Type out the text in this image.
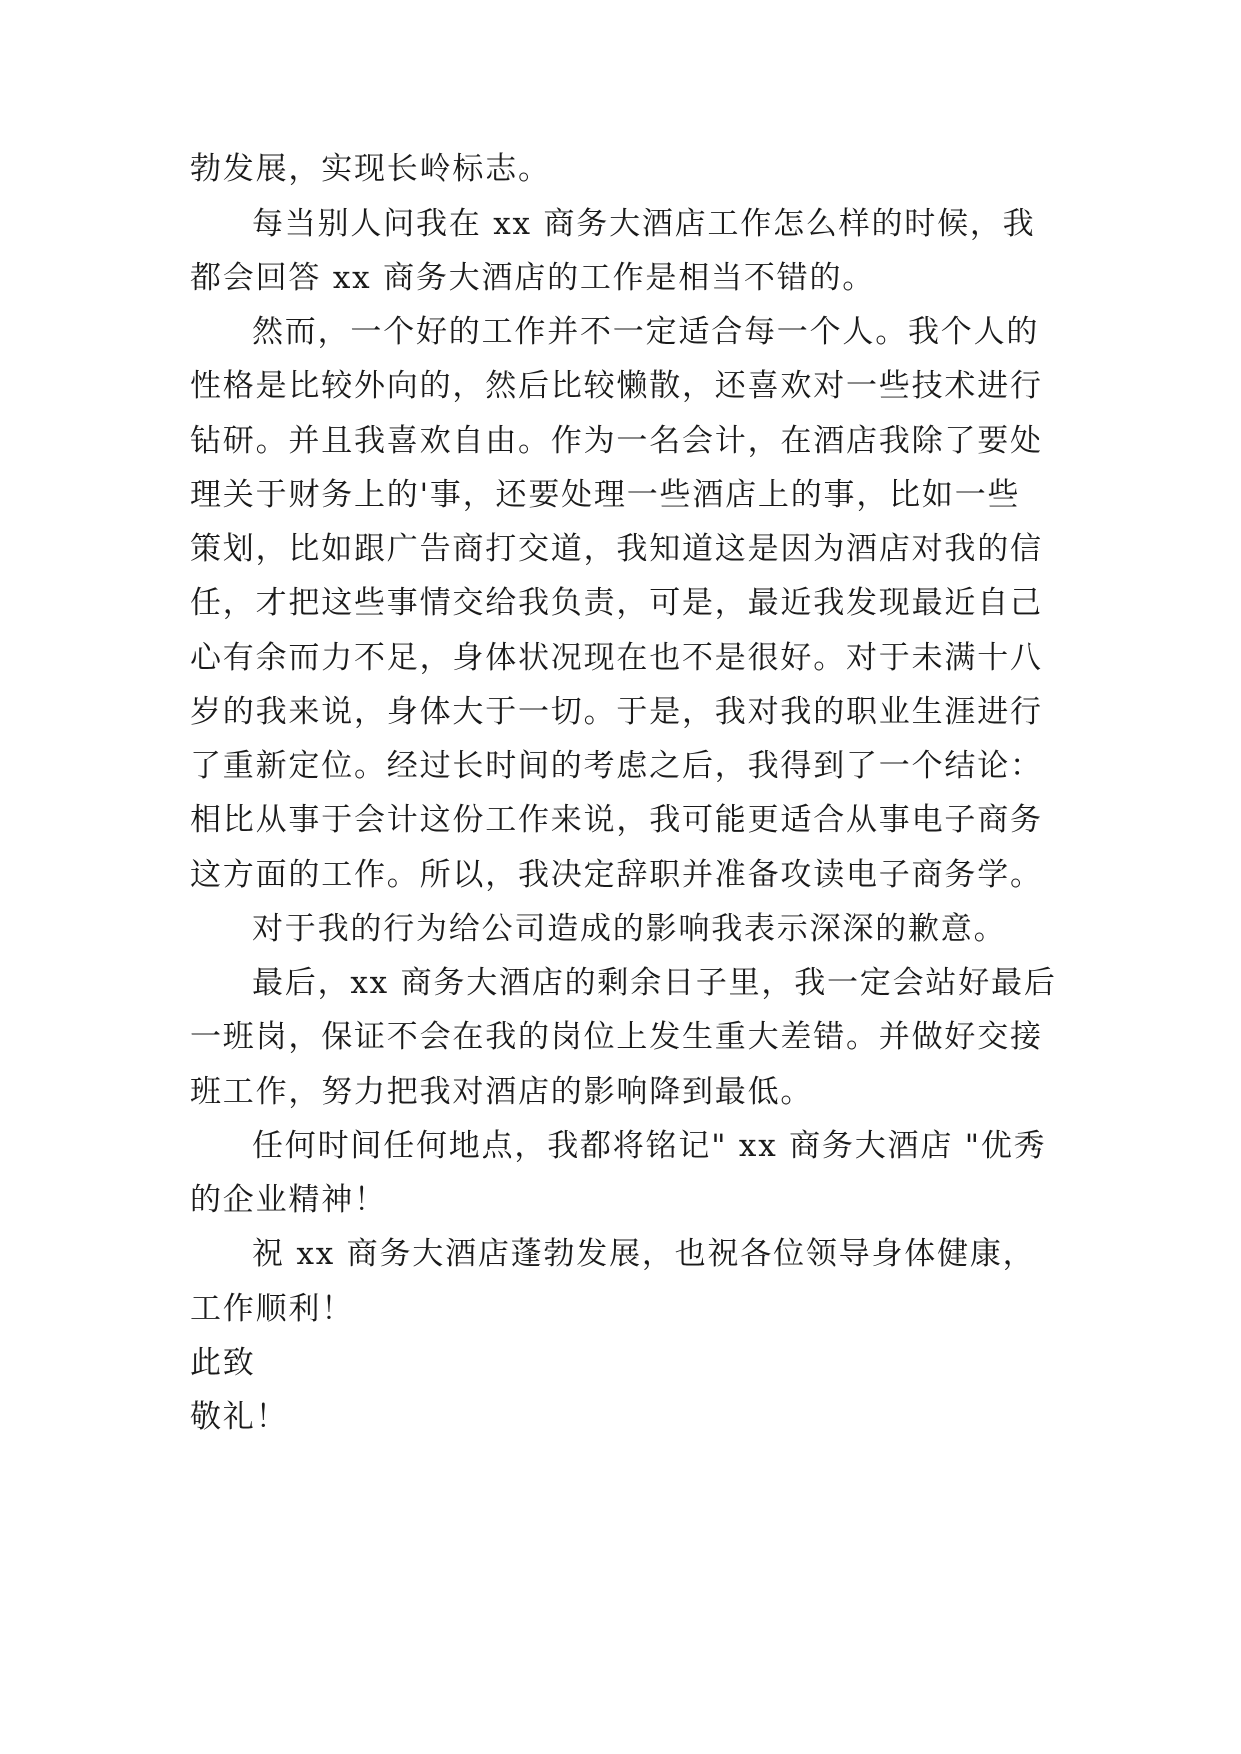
勃发展，实现长岭标志。

每当别人问我在 xx 商务大酒店工作怎么样的时候，我

都会回答 xx 商务大酒店的工作是相当不错的。

然而，一个好的工作并不一定适合每一个人。我个人的

性格是比较外向的，然后比较懒散，还喜欢对一些技术进行

钻研。并且我喜欢自由。作为一名会计，在酒店我除了要处

理关于财务上的'事，还要处理一些酒店上的事，比如一些

策划，比如跟广告商打交道，我知道这是因为酒店对我的信

任，才把这些事情交给我负责，可是，最近我发现最近自己

心有余而力不足，身体状况现在也不是很好。对于未满十八

岁的我来说，身体大于一切。于是，我对我的职业生涯进行

了重新定位。经过长时间的考虑之后，我得到了一个结论：

相比从事于会计这份工作来说，我可能更适合从事电子商务

这方面的工作。所以，我决定辞职并准备攻读电子商务学。

对于我的行为给公司造成的影响我表示深深的歉意。

最后，xx 商务大酒店的剩余日子里，我一定会站好最后

一班岗，保证不会在我的岗位上发生重大差错。并做好交接

班工作，努力把我对酒店的影响降到最低。

任何时间任何地点，我都将铭记" xx 商务大酒店 "优秀

的企业精神！

祝 xx 商务大酒店蓬勃发展，也祝各位领导身体健康，

工作顺利！

此致

敬礼！
